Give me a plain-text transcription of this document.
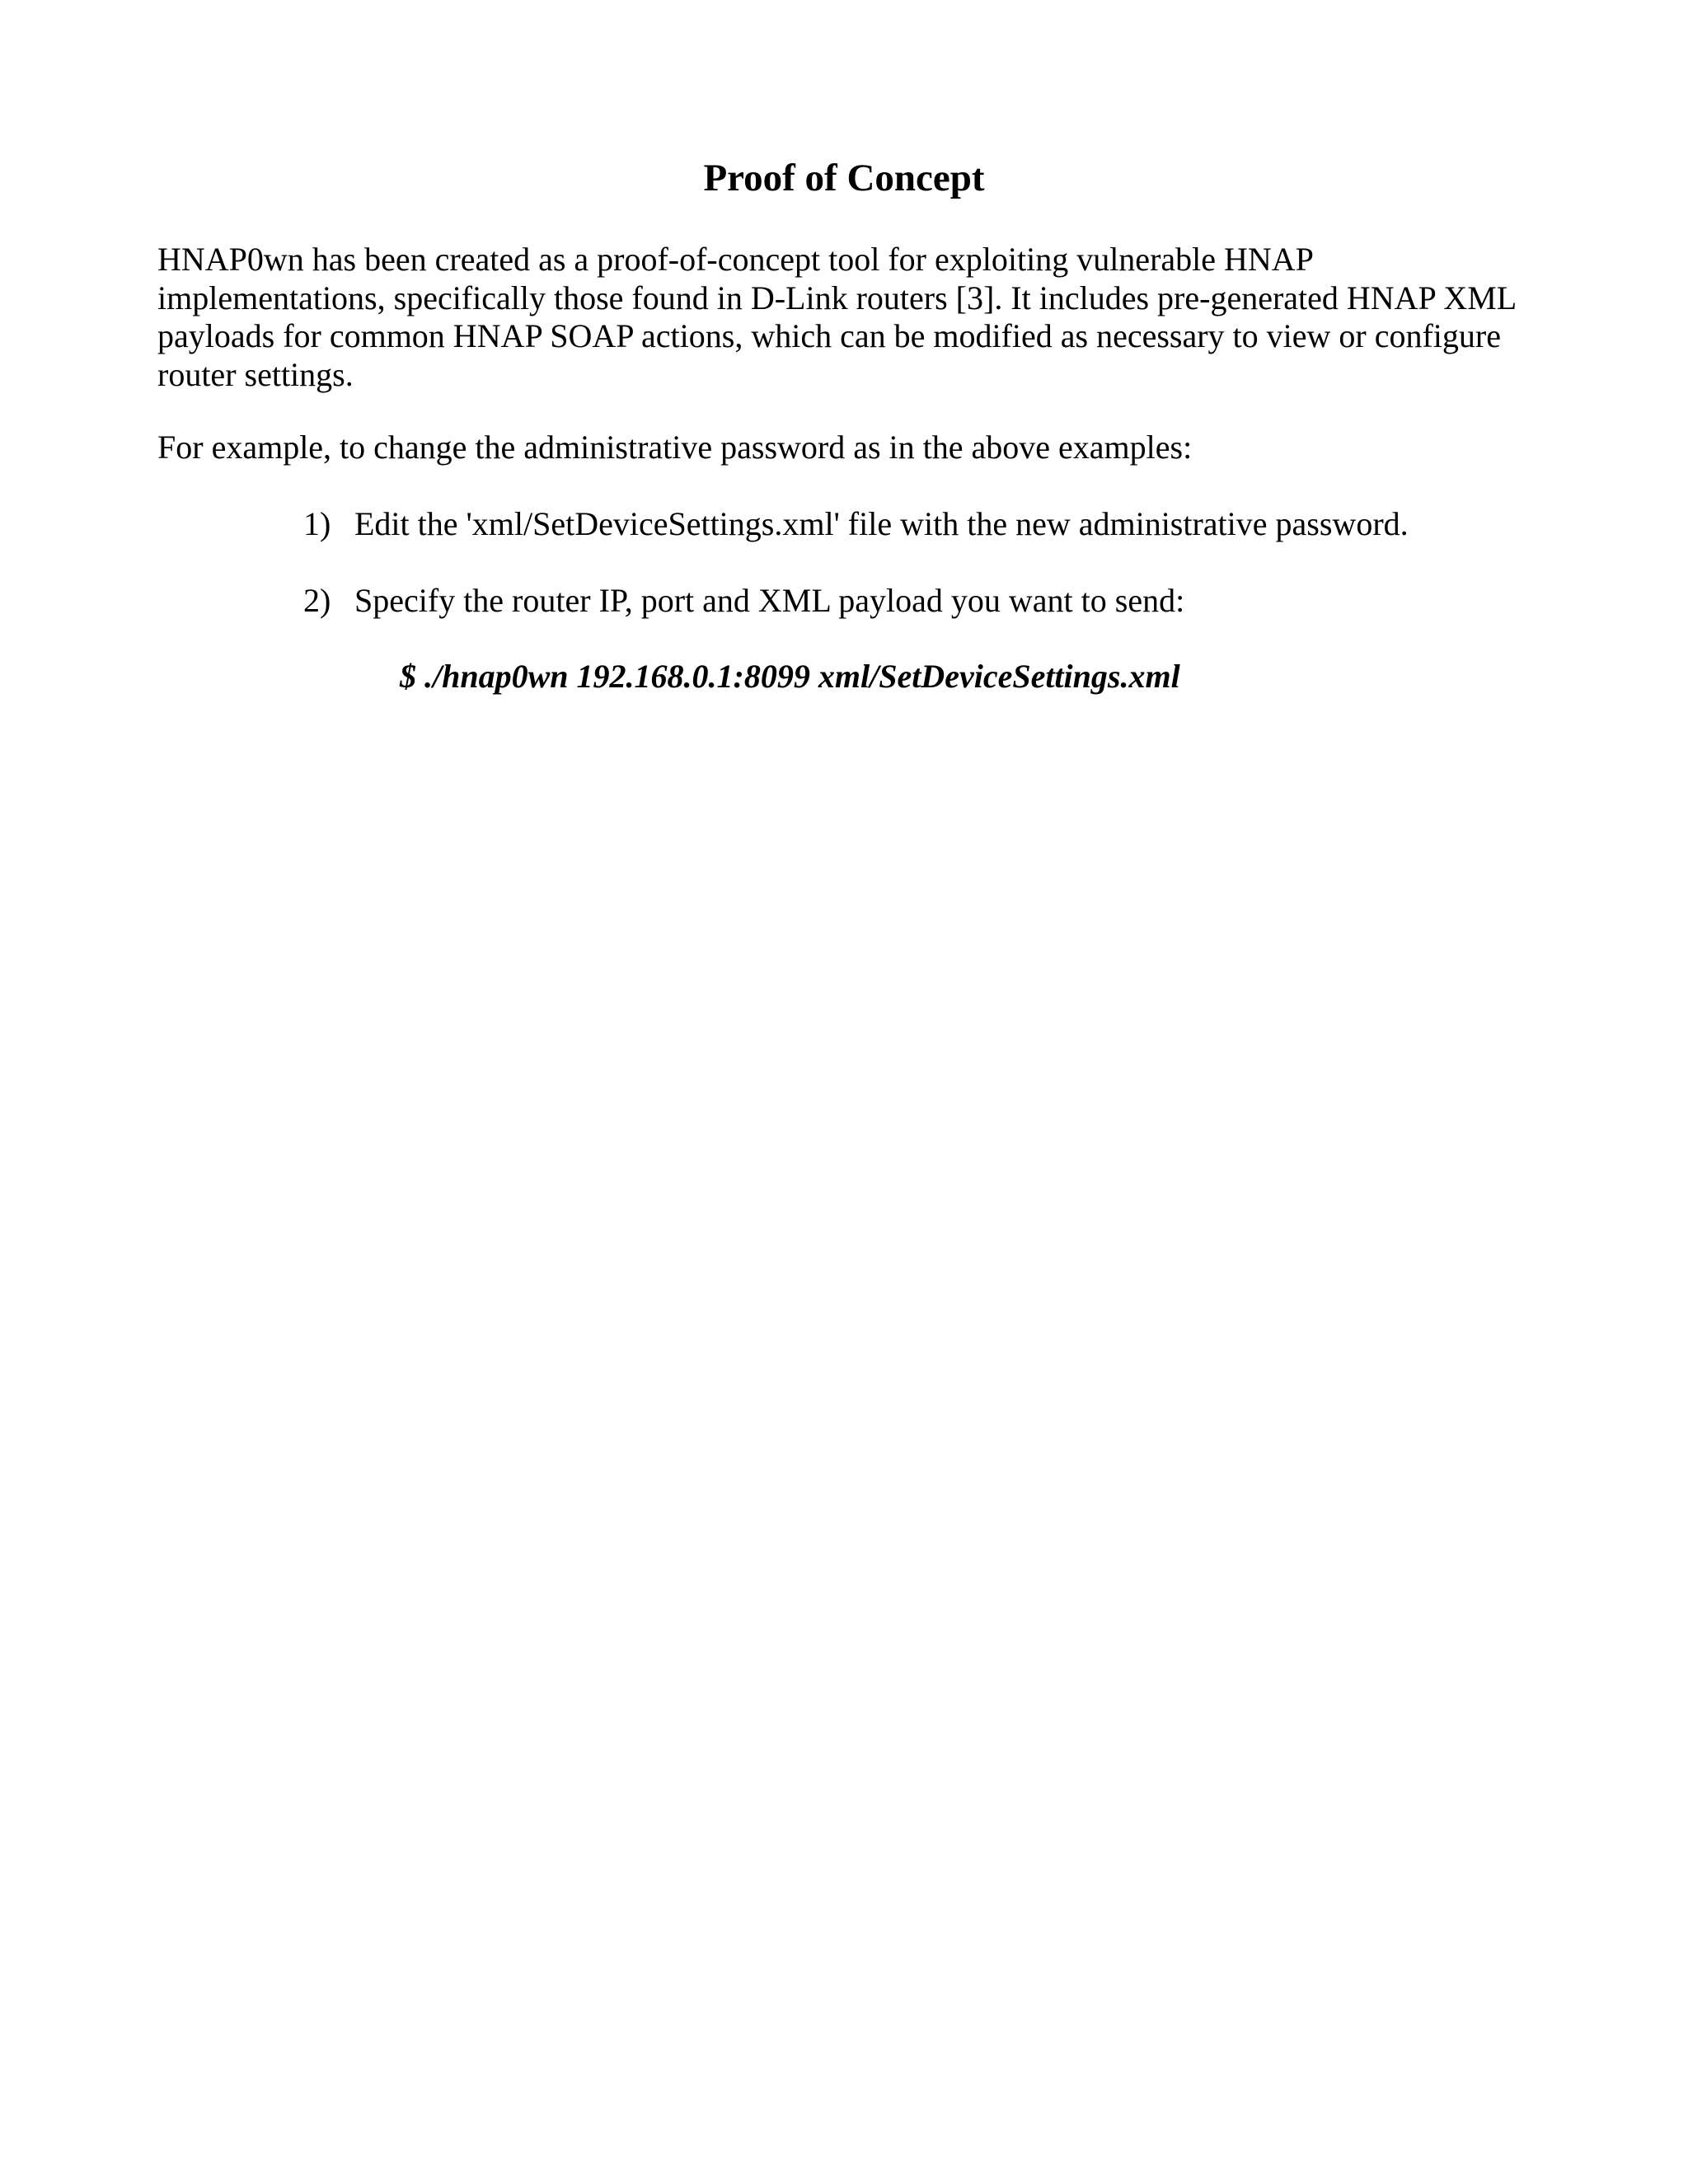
Proof of Concept

HNAP0wn has been created as a proof-of-concept tool for exploiting vulnerable HNAP implementations, specifically those found in D-Link routers [3]. It includes pre-generated HNAP XML payloads for common HNAP SOAP actions, which can be modified as necessary to view or configure router settings.

For example, to change the administrative password as in the above examples:

1) Edit the 'xml/SetDeviceSettings.xml' file with the new administrative password.
2) Specify the router IP, port and XML payload you want to send:
$ ./hnap0wn 192.168.0.1:8099 xml/SetDeviceSettings.xml
